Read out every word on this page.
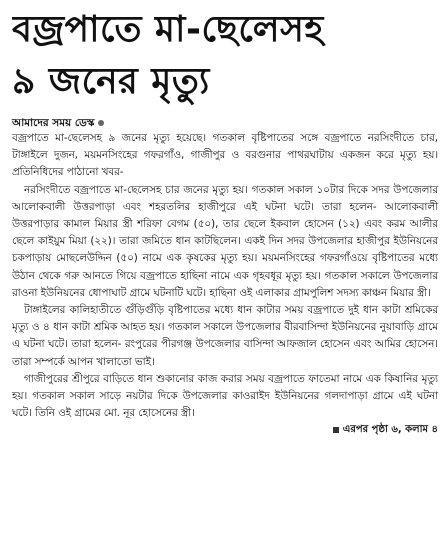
বজ্রপাতে মা-ছেলেসহ
৯ জনের মৃত্যু
আমাদের সময় ডেস্ক

বজ্রপাতে মা-ছেলেসহ ৯ জনের মৃত্যু হয়েছে। গতকাল বৃষ্টিপাতের সঙ্গে বজ্রপাতে নরসিংদীতে চার, টাঙ্গাইলে দুজন, ময়মনসিংহের গফরগাঁও, গাজীপুর ও বরগুনার পাথরঘাটায় একজন করে মৃত্যু হয়। প্রতিনিধিদের পাঠানো খবর-

নরসিংদীতে বজ্রপাতে মা-ছেলেসহ চার জনের মৃত্যু হয়। গতকাল সকাল ১০টার দিকে সদর উপজেলার আলোকবালী উত্তরপাড়া এবং শহরতলির হাজীপুরে এই ঘটনা ঘটে। তারা হলেন- আলোকবালী উত্তরপাড়ার কামাল মিয়ার স্ত্রী শরিফা বেগম (৫০), তার ছেলে ইকবাল হোসেন (১২) এবং করম আলীর ছেলে কাইয়ুম মিয়া (২২)। তারা জমিতে ধান কাটছিলেন। একই দিন সদর উপজেলার হাজীপুর ইউনিয়নের চকপাড়ায় মোছলেউদ্দিন (৫০) নামে এক কৃষকের মৃত্যু হয়। ময়মনসিংহের গফরগাঁওয়ে বৃষ্টিপাতের মধ্যে উঠান থেকে গরু আনতে গিয়ে বজ্রপাতে হাছিনা নামে এক গৃহবধূর মৃত্যু হয়। গতকাল সকালে উপজেলার রাওনা ইউনিয়নের ধোপাঘাট গ্রামে ঘটনাটি ঘটে। হাছিনা ওই এলাকার গ্রামপুলিশ সদস্য কাঞ্চন মিয়ার স্ত্রী।

টাঙ্গাইলের কালিহাতীতে গুঁড়িগুঁড়ি বৃষ্টিপাতের মধ্যে ধান কাটার সময় বজ্রপাতে দুই ধান কাটা শ্রমিকের মৃত্যু ও ৪ ধান কাটা শ্রমিক আহত হয়। গতকাল সকালে উপজেলার বীরবাসিন্দা ইউনিয়নের নুয়াবাড়ি গ্রামে এ ঘটনা ঘটে। তারা হলেন- রংপুরের পীরগঞ্জ উপজেলার বাসিন্দা আফজাল হোসেন এবং আমির হোসেন। তারা সম্পর্কে আপন খালাতো ভাই।

গাজীপুরের শ্রীপুরে বাড়িতে ধান শুকানোর কাজ করার সময় বজ্রপাতে ফাতেমা নামে এক কিষানির মৃত্যু হয়। গতকাল সকাল সাড়ে নয়টার দিকে উপজেলার কাওরাইদ ইউনিয়নের গলদাপাড়া গ্রামে এই ঘটনা ঘটে। তিনি ওই গ্রামের মো. নূর হোসেনের স্ত্রী।

এরপর পৃষ্ঠা ৬, কলাম ৪
